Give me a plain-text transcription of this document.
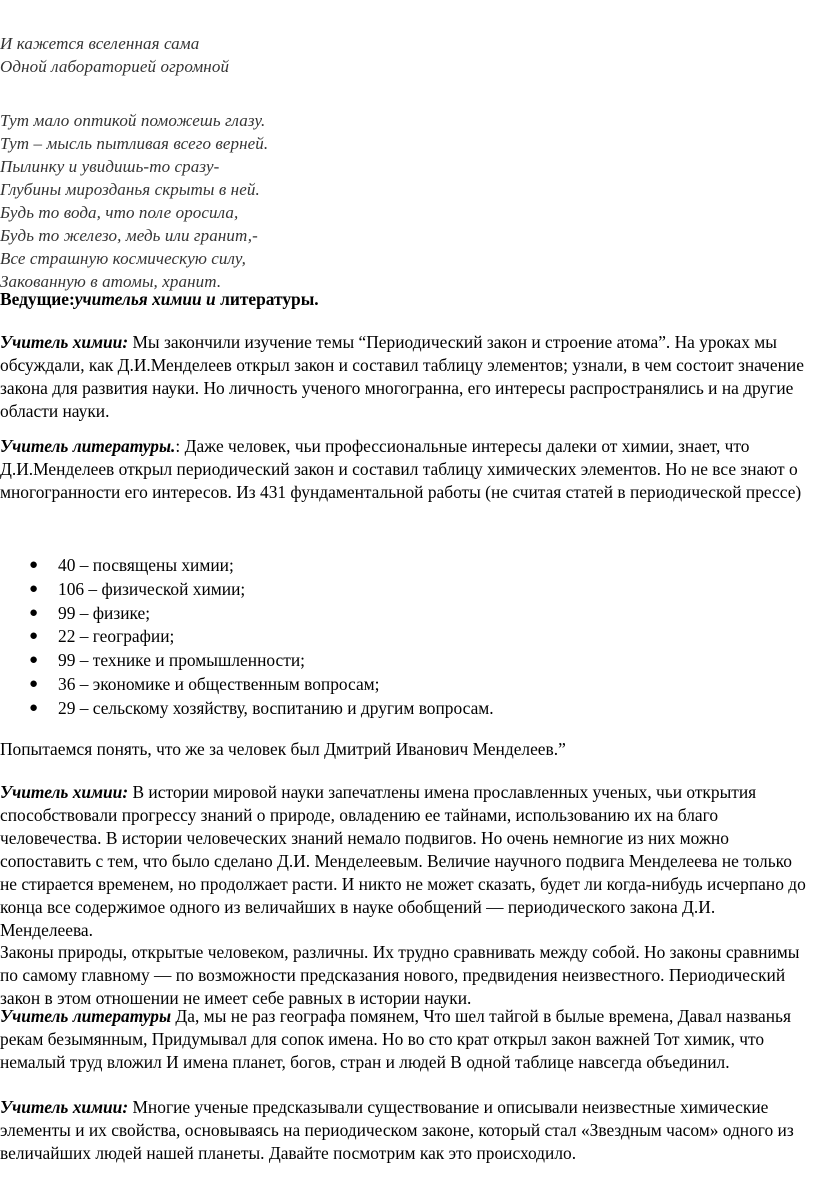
И кажется вселенная сама
Одной лабораторией огромной
Тут мало оптикой поможешь глазу.
Тут – мысль пытливая всего верней.
Пылинку и увидишь-то сразу-
Глубины мирозданья скрыты в ней.
Будь то вода, что поле оросила,
Будь то железо, медь или гранит,-
Все страшную космическую силу,
Закованную в атомы, хранит.
Ведущие:учителья химии и литературы.
Учитель химии: Мы закончили изучение темы “Периодический закон и строение атома”. На уроках мы обсуждали, как Д.И.Менделеев открыл закон и составил таблицу элементов; узнали, в чем состоит значение закона для развития науки. Но личность ученого многогранна, его интересы распространялись и на другие области науки.
Учитель литературы.: Даже человек, чьи профессиональные интересы далеки от химии, знает, что Д.И.Менделеев открыл периодический закон и составил таблицу химических элементов. Но не все знают о многогранности его интересов. Из 431 фундаментальной работы (не считая статей в периодической прессе)
● 40 – посвящены химии;
● 106 – физической химии;
● 99 – физике;
● 22 – географии;
● 99 – технике и промышленности;
● 36 – экономике и общественным вопросам;
● 29 – сельскому хозяйству, воспитанию и другим вопросам.
Попытаемся понять, что же за человек был Дмитрий Иванович Менделеев.”
Учитель химии: В истории мировой науки запечатлены имена прославленных ученых, чьи открытия способствовали прогрессу знаний о природе, овладению ее тайнами, использованию их на благо человечества. В истории человеческих знаний немало подвигов. Но очень немногие из них можно сопоставить с тем, что было сделано Д.И. Менделеевым. Величие научного подвига Менделеева не только не стирается временем, но продолжает расти. И никто не может сказать, будет ли когда-нибудь исчерпано до конца все содержимое одного из величайших в науке обобщений — периодического закона Д.И. Менделеева.
Законы природы, открытые человеком, различны. Их трудно сравнивать между собой. Но законы сравнимы по самому главному — по возможности предсказания нового, предвидения неизвестного. Периодический закон в этом отношении не имеет себе равных в истории науки.
Учитель литературы Да, мы не раз географа помянем, Что шел тайгой в былые времена, Давал названья рекам безымянным, Придумывал для сопок имена. Но во сто крат открыл закон важней Тот химик, что немалый труд вложил И имена планет, богов, стран и людей В одной таблице навсегда объединил.
Учитель химии: Многие ученые предсказывали существование и описывали неизвестные химические элементы и их свойства, основываясь на периодическом законе, который стал «Звездным часом» одного из величайших людей нашей планеты. Давайте посмотрим как это происходило.
